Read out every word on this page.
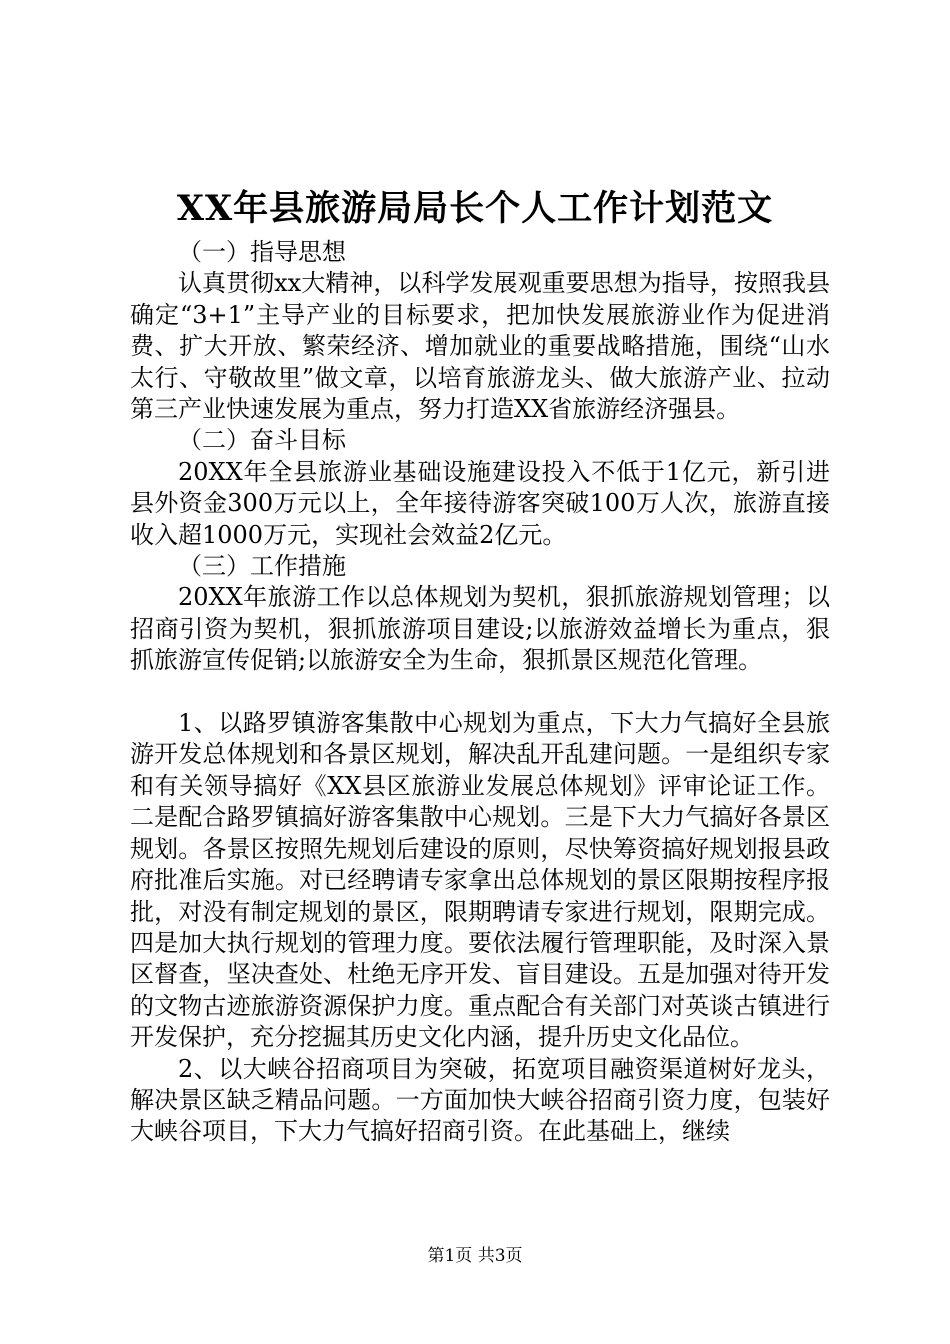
XX年县旅游局局长个人工作计划范文

（一）指导思想

认真贯彻xx大精神，以科学发展观重要思想为指导，按照我县确定“3+1”主导产业的目标要求，把加快发展旅游业作为促进消费、扩大开放、繁荣经济、增加就业的重要战略措施，围绕“山水太行、守敬故里”做文章，以培育旅游龙头、做大旅游产业、拉动第三产业快速发展为重点，努力打造XX省旅游经济强县。

（二）奋斗目标

20XX年全县旅游业基础设施建设投入不低于1亿元，新引进县外资金300万元以上，全年接待游客突破100万人次，旅游直接收入超1000万元，实现社会效益2亿元。

（三）工作措施

20XX年旅游工作以总体规划为契机，狠抓旅游规划管理；以招商引资为契机，狠抓旅游项目建设;以旅游效益增长为重点，狠抓旅游宣传促销;以旅游安全为生命，狠抓景区规范化管理。

1、以路罗镇游客集散中心规划为重点，下大力气搞好全县旅游开发总体规划和各景区规划，解决乱开乱建问题。一是组织专家和有关领导搞好《XX县区旅游业发展总体规划》评审论证工作。二是配合路罗镇搞好游客集散中心规划。三是下大力气搞好各景区规划。各景区按照先规划后建设的原则，尽快筹资搞好规划报县政府批准后实施。对已经聘请专家拿出总体规划的景区限期按程序报批，对没有制定规划的景区，限期聘请专家进行规划，限期完成。四是加大执行规划的管理力度。要依法履行管理职能，及时深入景区督查，坚决查处、杜绝无序开发、盲目建设。五是加强对待开发的文物古迹旅游资源保护力度。重点配合有关部门对英谈古镇进行开发保护，充分挖掘其历史文化内涵，提升历史文化品位。

2、以大峡谷招商项目为突破，拓宽项目融资渠道树好龙头，解决景区缺乏精品问题。一方面加快大峡谷招商引资力度，包装好大峡谷项目，下大力气搞好招商引资。在此基础上，继续

第1页 共3页
